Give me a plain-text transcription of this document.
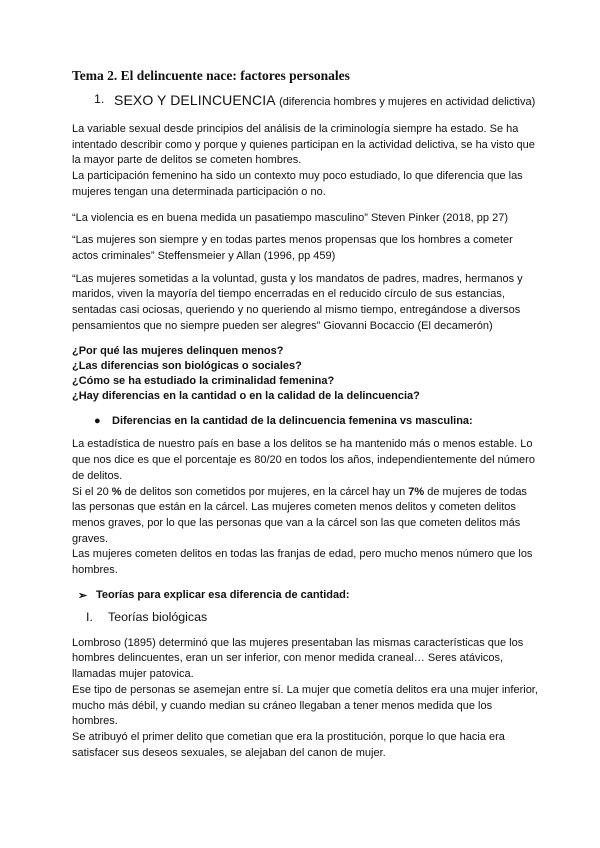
Tema 2. El delincuente nace: factores personales
1. SEXO Y DELINCUENCIA (diferencia hombres y mujeres en actividad delictiva)

La variable sexual desde principios del análisis de la criminología siempre ha estado. Se ha intentado describir como y porque y quienes participan en la actividad delictiva, se ha visto que la mayor parte de delitos se cometen hombres.

La participación femenino ha sido un contexto muy poco estudiado, lo que diferencia que las mujeres tengan una determinada participación o no.

“La violencia es en buena medida un pasatiempo masculino” Steven Pinker (2018, pp 27)

“Las mujeres son siempre y en todas partes menos propensas que los hombres a cometer actos criminales” Steffensmeier y Allan (1996, pp 459)

“Las mujeres sometidas a la voluntad, gusta y los mandatos de padres, madres, hermanos y maridos, viven la mayoría del tiempo encerradas en el reducido círculo de sus estancias, sentadas casi ociosas, queriendo y no queriendo al mismo tiempo, entregándose a diversos pensamientos que no siempre pueden ser alegres” Giovanni Bocaccio (El decamerón)

¿Por qué las mujeres delinquen menos?

¿Las diferencias son biológicas o sociales?

¿Cómo se ha estudiado la criminalidad femenina?

¿Hay diferencias en la cantidad o en la calidad de la delincuencia?

●	Diferencias en la cantidad de la delincuencia femenina vs masculina:

La estadística de nuestro país en base a los delitos se ha mantenido más o menos estable. Lo que nos dice es que el porcentaje es 80/20 en todos los años, independientemente del número de delitos.

Si el 20 % de delitos son cometidos por mujeres, en la cárcel hay un 7% de mujeres de todas las personas que están en la cárcel. Las mujeres cometen menos delitos y cometen delitos menos graves, por lo que las personas que van a la cárcel son las que cometen delitos más graves.

Las mujeres cometen delitos en todas las franjas de edad, pero mucho menos número que los hombres.

➢ Teorías para explicar esa diferencia de cantidad:
I.	Teorías biológicas

Lombroso (1895) determinó que las mujeres presentaban las mismas características que los hombres delincuentes, eran un ser inferior, con menor medida craneal… Seres atávicos, llamadas mujer patovica.

Ese tipo de personas se asemejan entre sí. La mujer que cometía delitos era una mujer inferior, mucho más débil, y cuando median su cráneo llegaban a tener menos medida que los hombres.

Se atribuyó el primer delito que cometian que era la prostitución, porque lo que hacia era satisfacer sus deseos sexuales, se alejaban del canon de mujer.
